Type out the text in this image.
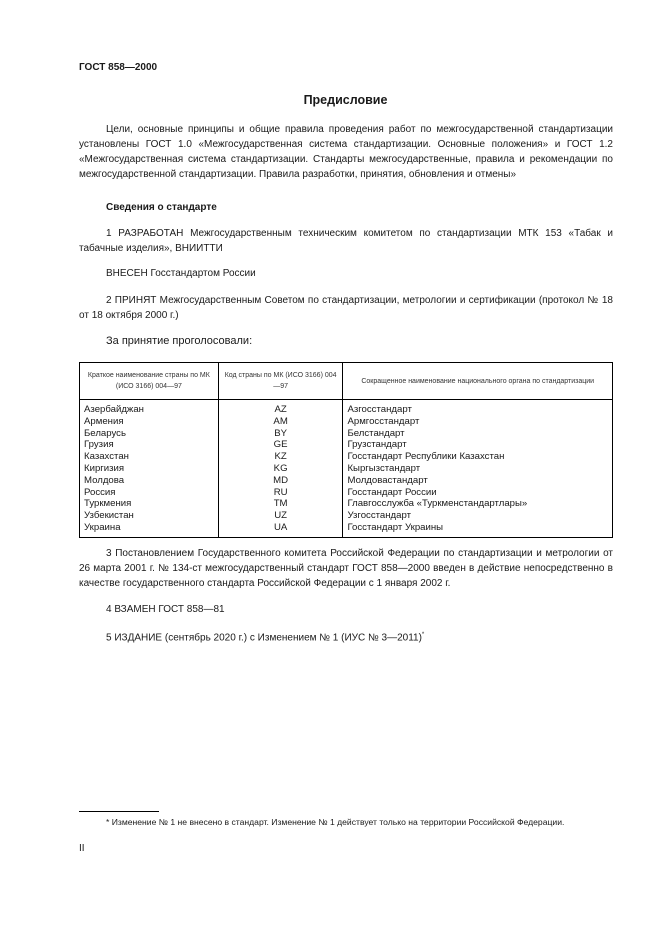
ГОСТ 858—2000
Предисловие
Цели, основные принципы и общие правила проведения работ по межгосударственной стандартизации установлены ГОСТ 1.0 «Межгосударственная система стандартизации. Основные положения» и ГОСТ 1.2 «Межгосударственная система стандартизации. Стандарты межгосударственные, правила и рекомендации по межгосударственной стандартизации. Правила разработки, принятия, обновления и отмены»
Сведения о стандарте
1 РАЗРАБОТАН Межгосударственным техническим комитетом по стандартизации МТК 153 «Табак и табачные изделия», ВНИИТТИ
ВНЕСЕН Госстандартом России
2 ПРИНЯТ Межгосударственным Советом по стандартизации, метрологии и сертификации (протокол № 18 от 18 октября 2000 г.)
За принятие проголосовали:
Краткое наименование страны по МК (ИСО 3166) 004—97	Код страны по МК (ИСО 3166) 004—97	Сокращенное наименование национального органа по стандартизации
Азербайджан	AZ	Азгосстандарт
Армения	AM	Армгосстандарт
Беларусь	BY	Белстандарт
Грузия	GE	Грузстандарт
Казахстан	KZ	Госстандарт Республики Казахстан
Киргизия	KG	Кыргызстандарт
Молдова	MD	Молдовастандарт
Россия	RU	Госстандарт России
Туркмения	TM	Главгосслужба «Туркменстандартлары»
Узбекистан	UZ	Узгосстандарт
Украина	UA	Госстандарт Украины
3 Постановлением Государственного комитета Российской Федерации по стандартизации и метрологии от 26 марта 2001 г. № 134-ст межгосударственный стандарт ГОСТ 858—2000 введен в действие непосредственно в качестве государственного стандарта Российской Федерации с 1 января 2002 г.
4 ВЗАМЕН ГОСТ 858—81
5 ИЗДАНИЕ (сентябрь 2020 г.) с Изменением № 1 (ИУС № 3—2011)*
* Изменение № 1 не внесено в стандарт. Изменение № 1 действует только на территории Российской Федерации.
II
